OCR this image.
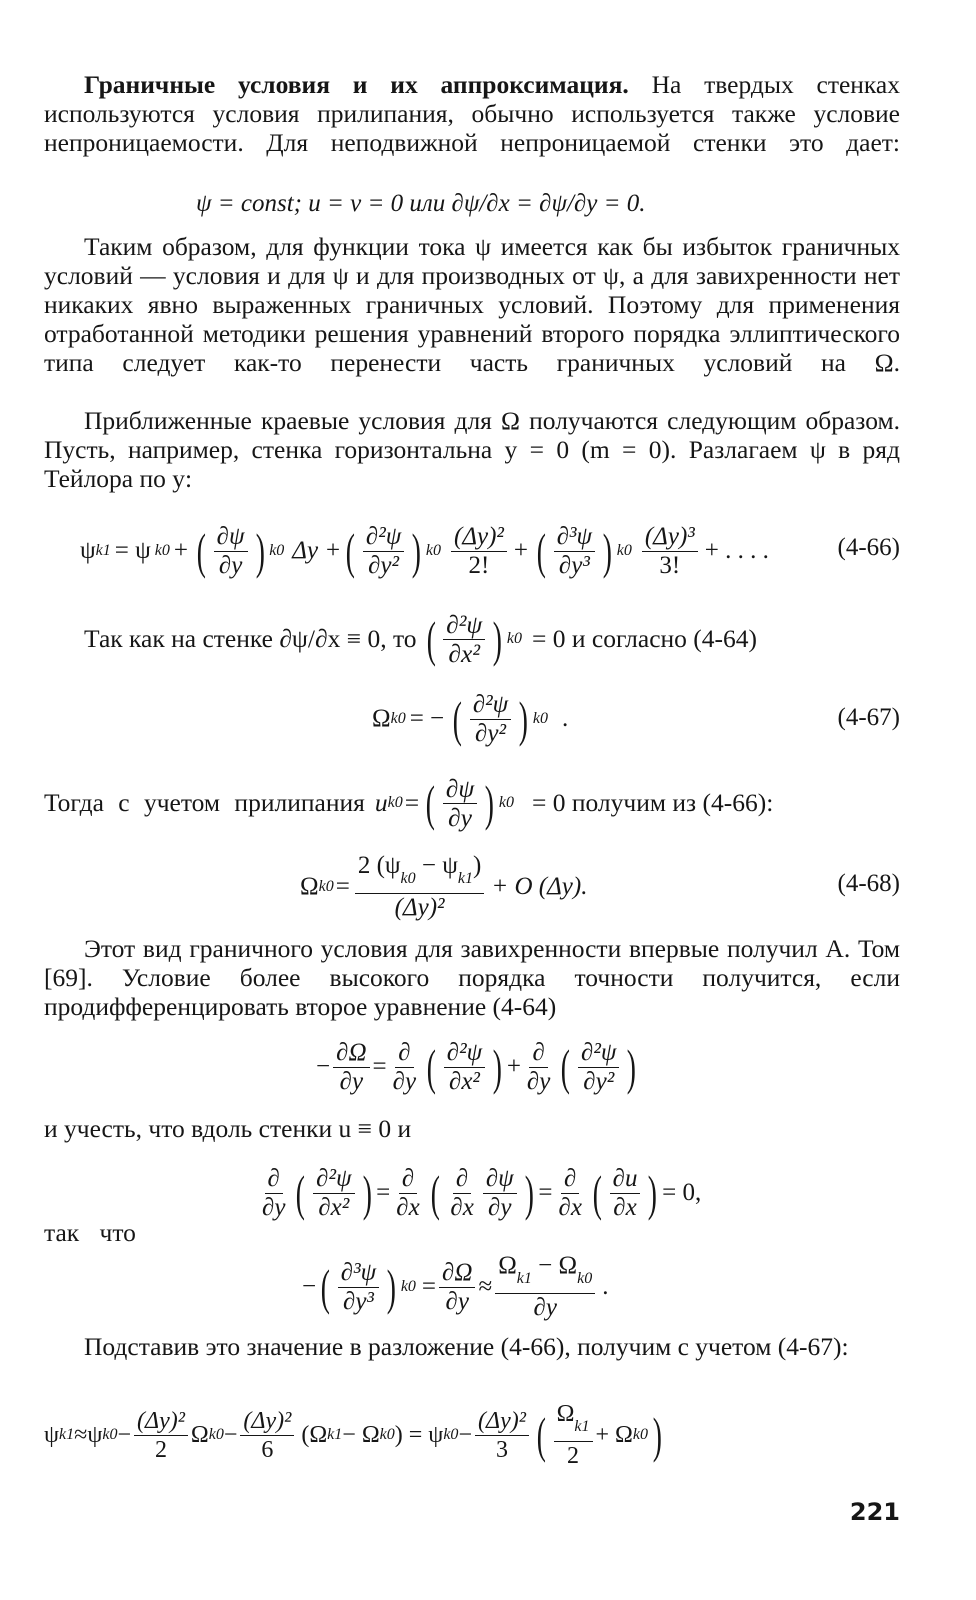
Граничные условия и их аппроксимация. На твердых стенках используются условия прилипания, обычно используется также условие непроницаемости. Для неподвижной непроницаемой стенки это дает:

ψ = const; u = v = 0 или ∂ψ/∂x = ∂ψ/∂y = 0.

Таким образом, для функции тока ψ имеется как бы избыток граничных условий — условия и для ψ и для производных от ψ, а для завихренности нет никаких явно выраженных граничных условий. Поэтому для применения отработанной методики решения уравнений второго порядка эллиптического типа следует как-то перенести часть граничных условий на Ω.

Приближенные краевые условия для Ω получаются следующим образом. Пусть, например, стенка горизонтальна y = 0 (m = 0). Разлагаем ψ в ряд Тейлора по y:

ψ k1 = ψ k0 + ( $\frac{\partial\psi}{\partial y}$ ) k0 Δy + ( $\frac{\text{∂²ψ}}{\text{∂y²}}$ ) $k0 \frac{\text{(Δy)²}}{2!}$ + ( $\frac{\text{∂³ψ}}{\text{∂y³}}$ ) $k0 \frac{\text{(Δy)³}}{3!}$ + . . . .	(4-66)
Так как на стенке ∂ψ/∂x ≡ 0, то ( $\frac{\text{∂²ψ}}{\text{∂x²}}$ ) k0 = 0 и согласно (4-64)
Ω k0 = − ( $\frac{\text{∂²ψ}}{\text{∂y²}}$ ) k0 .	(4-67)
Тогда с учетом прилипания u k0 = ( $\frac{\partial\psi}{\partial y}$ ) k0 = 0 получим из (4-66):
Ω $k0 = \frac{2 (\psi_{k0} - \psi_{k1})}{\text{(Δy)²}} + O$ (Δy).	(4-68)

Этот вид граничного условия для завихренности впервые получил А. Том [69]. Условие более высокого порядка точности получится, если продифференцировать второе уравнение (4-64)

− $\frac{\partial\Omega}{\partial y} = \frac{\partial}{\partial y}$ ( $\frac{\text{∂²ψ}}{\text{∂x²}}$ ) + $\frac{\partial}{\partial y}$ ( $\frac{\text{∂²ψ}}{\text{∂y²}}$ )
и учесть, что вдоль стенки u ≡ 0 и
$\frac{\partial}{\partial y}$ ( $\frac{\text{∂²ψ}}{\text{∂x²}}$ ) = $\frac{\partial}{\partial x}$ ( $\frac{\partial}{\partial x} \frac{\partial\psi}{\partial y}$ ) = $\frac{\partial}{\partial x}$ ( $\frac{\partial u}{\partial x}$ ) = 0,
так что
− ( $\frac{\text{∂³ψ}}{\text{∂y³}}$ ) $k0 = \frac{\partial\Omega}{\partial y} \approx \frac{\Omega_{k1} - \Omega_{k0}}{\partial y}$ .

Подставив это значение в разложение (4-66), получим с учетом (4-67):

ψ k1 ≈ ψ $k0 - \frac{\text{(Δy)²}}{2}$ Ω $k0 - \frac{\text{(Δy)²}}{6} (\Omega$ k1 − Ω k0 ) = ψ $k0 - \frac{\text{(Δy)²}}{3}$ ( $\frac{\Omega_{k1}}{2} + \Omega$ k0 )
221
